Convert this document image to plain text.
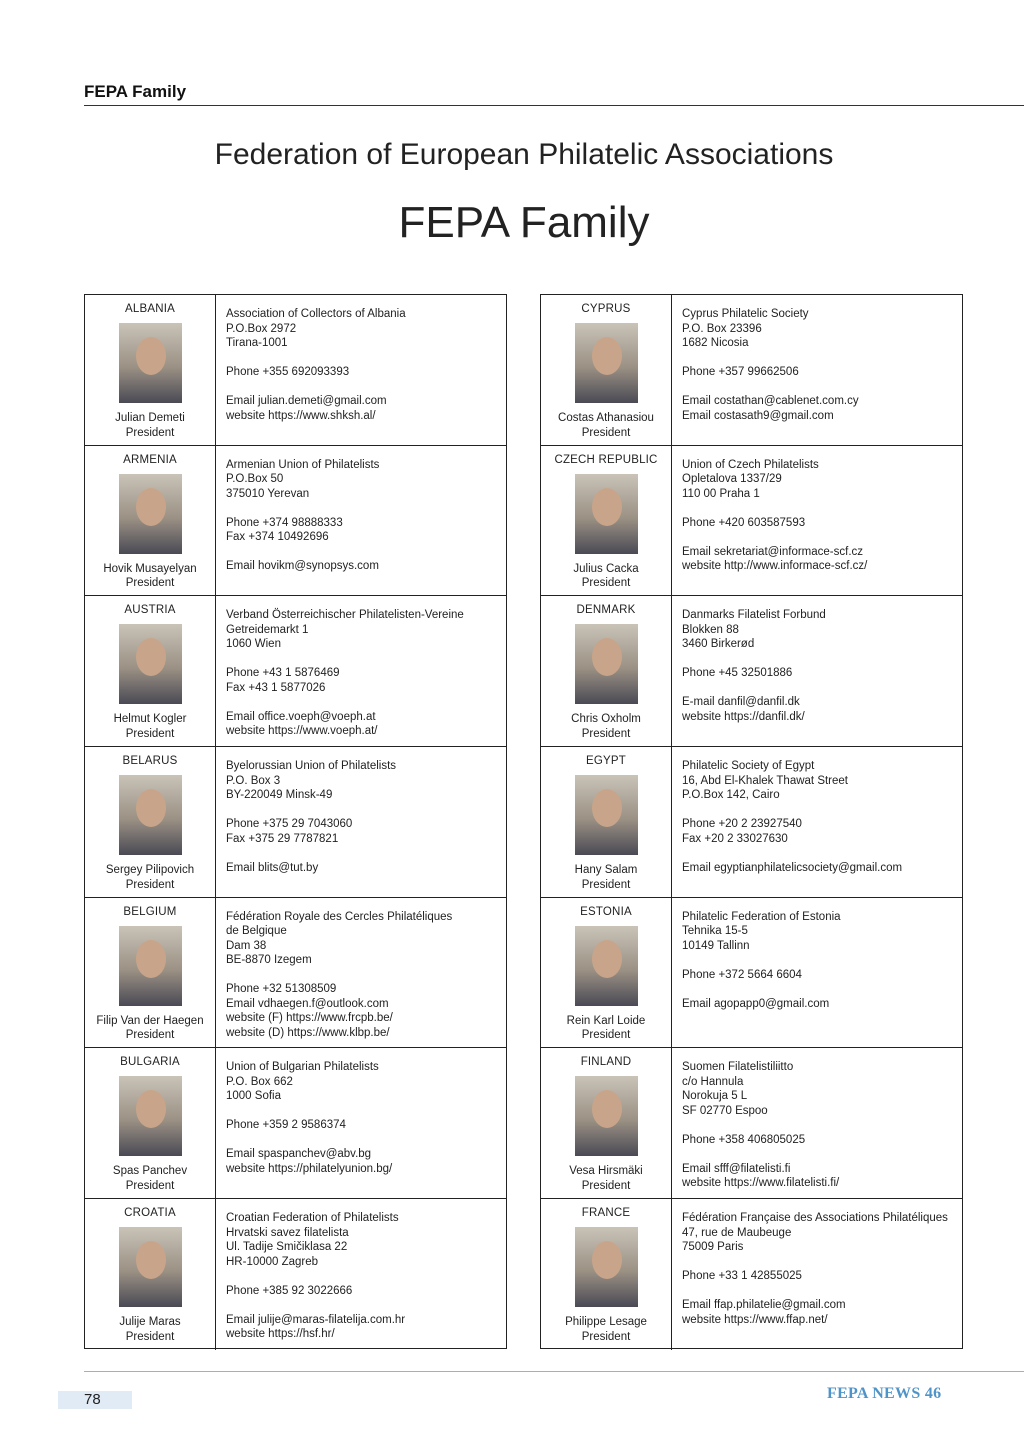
FEPA Family
Federation of European Philatelic Associations
FEPA Family
ALBANIA
Julian Demeti
President
Association of Collectors of Albania
P.O.Box 2972
Tirana-1001
Phone +355 692093393
Email julian.demeti@gmail.com
website https://www.shksh.al/
ARMENIA
Hovik Musayelyan
President
Armenian Union of Philatelists
P.O.Box 50
375010 Yerevan
Phone +374 98888333
Fax +374 10492696
Email hovikm@synopsys.com
AUSTRIA
Helmut Kogler
President
Verband Österreichischer Philatelisten-Vereine
Getreidemarkt 1
1060 Wien
Phone +43 1 5876469
Fax +43 1 5877026
Email office.voeph@voeph.at
website https://www.voeph.at/
BELARUS
Sergey Pilipovich
President
Byelorussian Union of Philatelists
P.O. Box 3
BY-220049 Minsk-49
Phone +375 29 7043060
Fax +375 29 7787821
Email blits@tut.by
BELGIUM
Filip Van der Haegen
President
Fédération Royale des Cercles Philatéliques
de Belgique
Dam 38
BE-8870 Izegem
Phone +32 51308509
Email vdhaegen.f@outlook.com
website (F) https://www.frcpb.be/
website (D) https://www.klbp.be/
BULGARIA
Spas Panchev
President
Union of Bulgarian Philatelists
P.O. Box 662
1000 Sofia
Phone +359 2 9586374
Email spaspanchev@abv.bg
website https://philatelyunion.bg/
CROATIA
Julije Maras
President
Croatian Federation of Philatelists
Hrvatski savez filatelista
Ul. Tadije Smičiklasa 22
HR-10000 Zagreb
Phone +385 92 3022666
Email julije@maras-filatelija.com.hr
website https://hsf.hr/
CYPRUS
Costas Athanasiou
President
Cyprus Philatelic Society
P.O. Box 23396
1682 Nicosia
Phone +357 99662506
Email costathan@cablenet.com.cy
Email costasath9@gmail.com
CZECH REPUBLIC
Julius Cacka
President
Union of Czech Philatelists
Opletalova 1337/29
110 00 Praha 1
Phone +420 603587593
Email sekretariat@informace-scf.cz
website http://www.informace-scf.cz/
DENMARK
Chris Oxholm
President
Danmarks Filatelist Forbund
Blokken 88
3460 Birkerød
Phone +45 32501886
E-mail danfil@danfil.dk
website https://danfil.dk/
EGYPT
Hany Salam
President
Philatelic Society of Egypt
16, Abd El-Khalek Thawat Street
P.O.Box 142, Cairo
Phone +20 2 23927540
Fax +20 2 33027630
Email egyptianphilatelicsociety@gmail.com
ESTONIA
Rein Karl Loide
President
Philatelic Federation of Estonia
Tehnika 15-5
10149 Tallinn
Phone +372 5664 6604
Email agopapp0@gmail.com
FINLAND
Vesa Hirsmäki
President
Suomen Filatelistiliitto
c/o Hannula
Norokuja 5 L
SF 02770 Espoo
Phone +358 406805025
Email sfff@filatelisti.fi
website https://www.filatelisti.fi/
FRANCE
Philippe Lesage
President
Fédération Française des Associations Philatéliques
47, rue de Maubeuge
75009 Paris
Phone +33 1 42855025
Email ffap.philatelie@gmail.com
website https://www.ffap.net/
78	FEPA NEWS 46
